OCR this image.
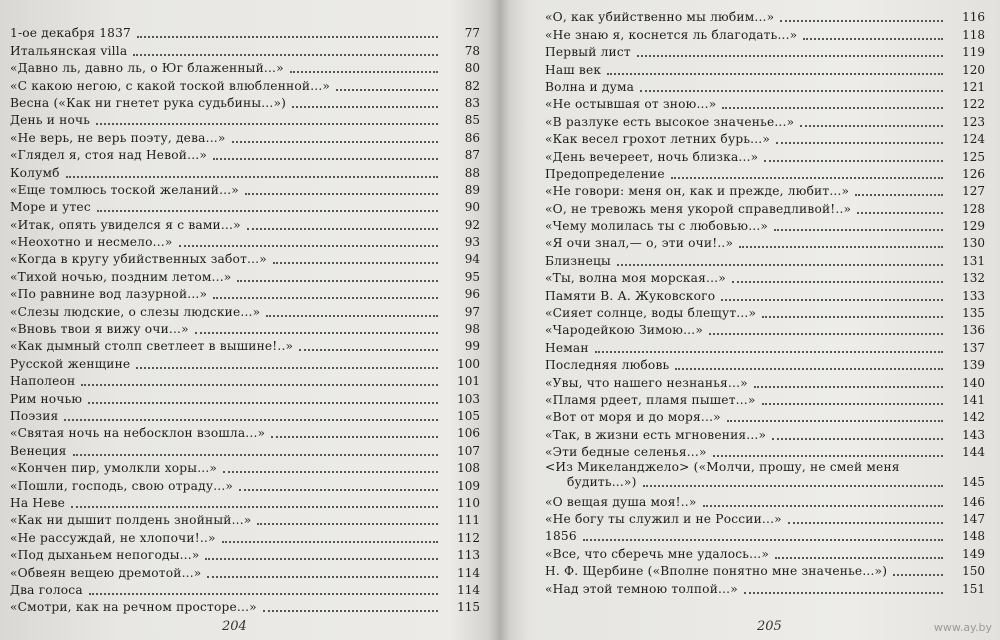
1-ое декабря 1837	77
Итальянская villa	78
«Давно ль, давно ль, о Юг блаженный...»	80
«С какою негою, с какой тоской влюбленной...»	82
Весна («Как ни гнетет рука судьбины...»)	83
День и ночь	85
«Не верь, не верь поэту, дева...»	86
«Глядел я, стоя над Невой...»	87
Колумб	88
«Еще томлюсь тоской желаний...»	89
Море и утес	90
«Итак, опять увиделся я с вами...»	92
«Неохотно и несмело...»	93
«Когда в кругу убийственных забот...»	94
«Тихой ночью, поздним летом...»	95
«По равнине вод лазурной...»	96
«Слезы людские, о слезы людские...»	97
«Вновь твои я вижу очи...»	98
«Как дымный столп светлеет в вышине!..»	99
Русской женщине	100
Наполеон	101
Рим ночью	103
Поэзия	105
«Святая ночь на небосклон взошла...»	106
Венеция	107
«Кончен пир, умолкли хоры...»	108
«Пошли, господь, свою отраду...»	109
На Неве	110
«Как ни дышит полдень знойный...»	111
«Не рассуждай, не хлопочи!..»	112
«Под дыханьем непогоды...»	113
«Обвеян вещею дремотой...»	114
Два голоса	114
«Смотри, как на речном просторе...»	115
204
«О, как убийственно мы любим...»	116
«Не знаю я, коснется ль благодать...»	118
Первый лист	119
Наш век	120
Волна и дума	121
«Не остывшая от зною...»	122
«В разлуке есть высокое значенье...»	123
«Как весел грохот летних бурь...»	124
«День вечереет, ночь близка...»	125
Предопределение	126
«Не говори: меня он, как и прежде, любит...»	127
«О, не тревожь меня укорой справедливой!..»	128
«Чему молилась ты с любовью...»	129
«Я очи знал,— о, эти очи!..»	130
Близнецы	131
«Ты, волна моя морская...»	132
Памяти В. А. Жуковского	133
«Сияет солнце, воды блещут...»	135
«Чародейкою Зимою...»	136
Неман	137
Последняя любовь	139
«Увы, что нашего незнанья...»	140
«Пламя рдеет, пламя пышет...»	141
«Вот от моря и до моря...»	142
«Так, в жизни есть мгновения...»	143
«Эти бедные селенья...»	144
<Из Микеланджело> («Молчи, прошу, не смей меня
будить...»)	145
«О вещая душа моя!..»	146
«Не богу ты служил и не России...»	147
1856	148
«Все, что сберечь мне удалось...»	149
Н. Ф. Щербине («Вполне понятно мне значенье...»)	150
«Над этой темною толпой...»	151
205	www.ay.by
